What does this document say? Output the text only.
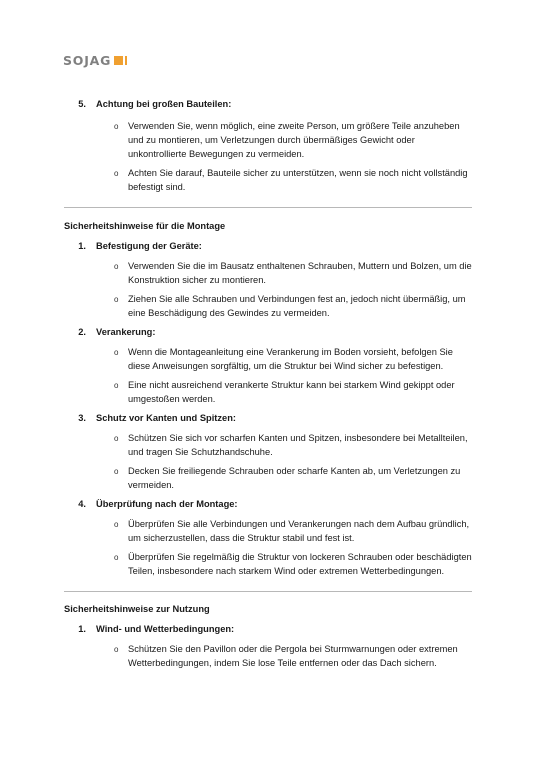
SOJAG
5. Achtung bei großen Bauteilen:
o	Verwenden Sie, wenn möglich, eine zweite Person, um größere Teile anzuheben und zu montieren, um Verletzungen durch übermäßiges Gewicht oder unkontrollierte Bewegungen zu vermeiden.
o	Achten Sie darauf, Bauteile sicher zu unterstützen, wenn sie noch nicht vollständig befestigt sind.
Sicherheitshinweise für die Montage
1. Befestigung der Geräte:
o	Verwenden Sie die im Bausatz enthaltenen Schrauben, Muttern und Bolzen, um die Konstruktion sicher zu montieren.
o	Ziehen Sie alle Schrauben und Verbindungen fest an, jedoch nicht übermäßig, um eine Beschädigung des Gewindes zu vermeiden.
2. Verankerung:
o	Wenn die Montageanleitung eine Verankerung im Boden vorsieht, befolgen Sie diese Anweisungen sorgfältig, um die Struktur bei Wind sicher zu befestigen.
o	Eine nicht ausreichend verankerte Struktur kann bei starkem Wind gekippt oder umgestoßen werden.
3. Schutz vor Kanten und Spitzen:
o	Schützen Sie sich vor scharfen Kanten und Spitzen, insbesondere bei Metallteilen, und tragen Sie Schutzhandschuhe.
o	Decken Sie freiliegende Schrauben oder scharfe Kanten ab, um Verletzungen zu vermeiden.
4. Überprüfung nach der Montage:
o	Überprüfen Sie alle Verbindungen und Verankerungen nach dem Aufbau gründlich, um sicherzustellen, dass die Struktur stabil und fest ist.
o	Überprüfen Sie regelmäßig die Struktur von lockeren Schrauben oder beschädigten Teilen, insbesondere nach starkem Wind oder extremen Wetterbedingungen.
Sicherheitshinweise zur Nutzung
1. Wind- und Wetterbedingungen:
o	Schützen Sie den Pavillon oder die Pergola bei Sturmwarnungen oder extremen Wetterbedingungen, indem Sie lose Teile entfernen oder das Dach sichern.
